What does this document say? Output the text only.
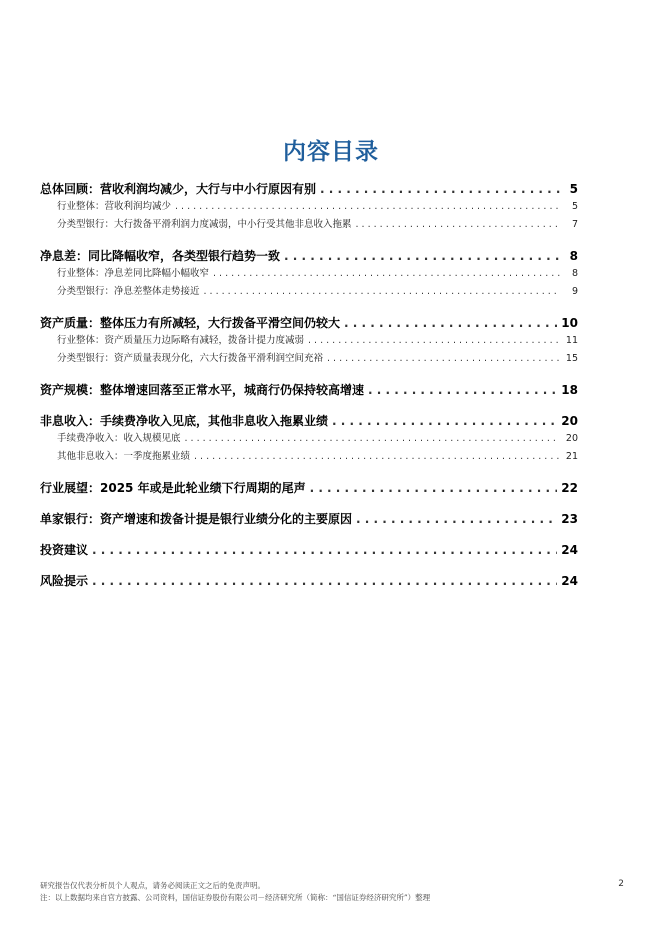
内容目录
总体回顾：营收利润均减少，大行与中小行原因有别 . . .	5
行业整体：营收利润均减少 . . .	5
分类型银行：大行拨备平滑利润力度减弱，中小行受其他非息收入拖累 . . .	7
净息差：同比降幅收窄，各类型银行趋势一致 . . .	8
行业整体：净息差同比降幅小幅收窄 . . .	8
分类型银行：净息差整体走势接近 . . .	9
资产质量：整体压力有所减轻，大行拨备平滑空间仍较大 . . .	10
行业整体：资产质量压力边际略有减轻，拨备计提力度减弱 . . .	11
分类型银行：资产质量表现分化，六大行拨备平滑利润空间充裕 . . .	15
资产规模：整体增速回落至正常水平，城商行仍保持较高增速 . . .	18
非息收入：手续费净收入见底，其他非息收入拖累业绩 . . .	20
手续费净收入：收入规模见底 . . .	20
其他非息收入：一季度拖累业绩 . . .	21
行业展望：2025 年或是此轮业绩下行周期的尾声 . . .	22
单家银行：资产增速和拨备计提是银行业绩分化的主要原因 . . .	23
投资建议 . . .	24
风险提示 . . .	24
研究报告仅代表分析员个人观点，请务必阅读正文之后的免责声明。
注：以上数据均来自官方披露、公司资料，国信证券股份有限公司－经济研究所（简称：“国信证券经济研究所”）整理
2
